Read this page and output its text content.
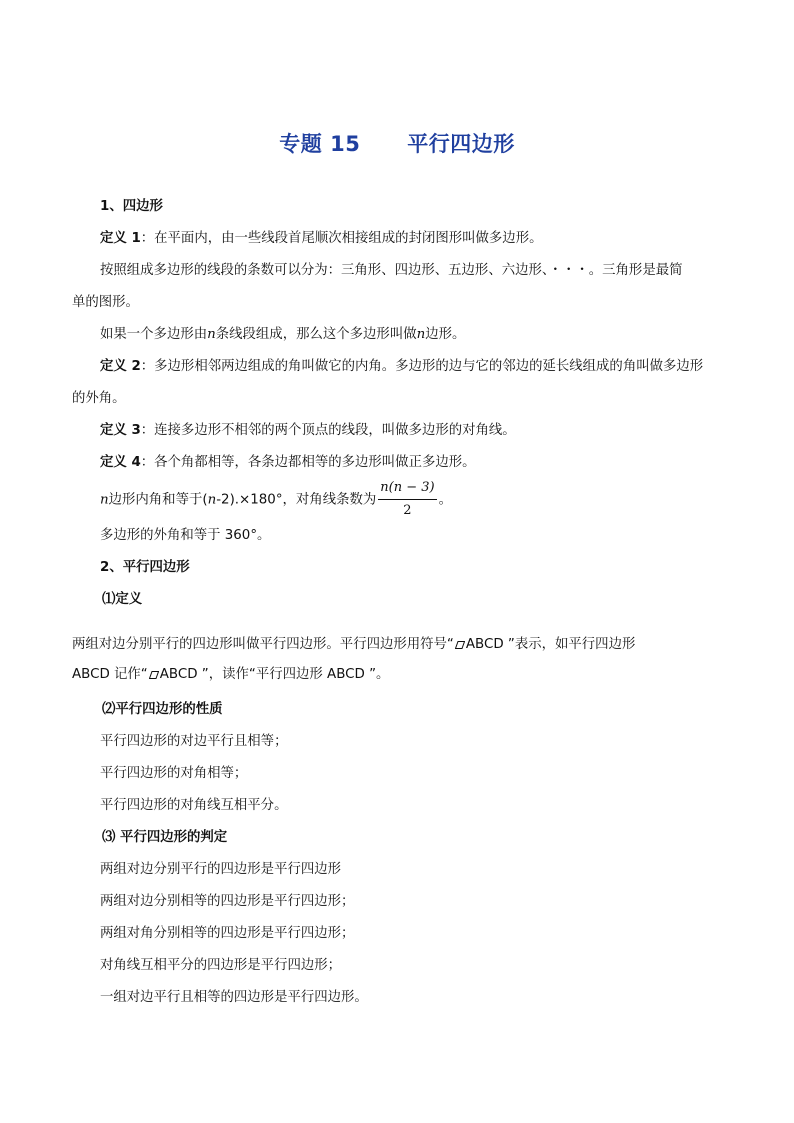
专题 15      平行四边形
1、四边形
定义 1：在平面内，由一些线段首尾顺次相接组成的封闭图形叫做多边形。
按照组成多边形的线段的条数可以分为：三角形、四边形、五边形、六边形、・・・。三角形是最简
单的图形。
如果一个多边形由n条线段组成，那么这个多边形叫做n边形。
定义 2：多边形相邻两边组成的角叫做它的内角。多边形的边与它的邻边的延长线组成的角叫做多边形
的外角。
定义 3：连接多边形不相邻的两个顶点的线段，叫做多边形的对角线。
定义 4：各个角都相等，各条边都相等的多边形叫做正多边形。
n边形内角和等于(n-2).×180°，对角线条数为 $\frac{n(n - 3)}{2}$ 。
多边形的外角和等于 360°。
2、平行四边形
⑴定义
两组对边分别平行的四边形叫做平行四边形。平行四边形用符号“ ABCD ”表示，如平行四边形
ABCD 记作“ ABCD ”，读作“平行四边形 ABCD ”。
⑵平行四边形的性质
平行四边形的对边平行且相等；
平行四边形的对角相等；
平行四边形的对角线互相平分。
⑶ 平行四边形的判定
两组对边分别平行的四边形是平行四边形
两组对边分别相等的四边形是平行四边形；
两组对角分别相等的四边形是平行四边形；
对角线互相平分的四边形是平行四边形；
一组对边平行且相等的四边形是平行四边形。
